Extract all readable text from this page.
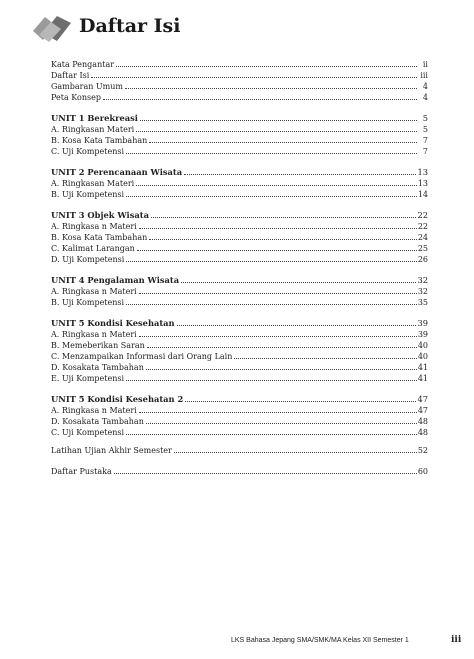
Daftar Isi
Kata Pengantar	ii
Daftar Isi	iii
Gambaran Umum	4
Peta Konsep	4
UNIT 1 Berekreasi	5
A. Ringkasan Materi	5
B. Kosa Kata Tambahan	7
C. Uji Kompetensi	7
UNIT 2 Perencanaan Wisata	13
A. Ringkasan Materi	13
B. Uji Kompetensi	14
UNIT 3 Objek Wisata	22
A. Ringkasa n Materi	22
B. Kosa Kata Tambahan	24
C. Kalimat Larangan	25
D. Uji Kompetensi	26
UNIT 4 Pengalaman Wisata	32
A. Ringkasa n Materi	32
B. Uji Kompetensi	35
UNIT 5 Kondisi Kesehatan	39
A. Ringkasa n Materi	39
B. Memeberikan Saran	40
C. Menzampaikan Informasi dari Orang Lain	40
D. Kosakata Tambahan	41
E. Uji Kompetensi	41
UNIT 5 Kondisi Kesehatan 2	47
A. Ringkasa n Materi	47
D. Kosakata Tambahan	48
C. Uji Kompetensi	48
Latihan Ujian Akhir Semester	52
Daftar Pustaka	60
LKS Bahasa Jepang SMA/SMK/MA Kelas XII Semester 1	iii
